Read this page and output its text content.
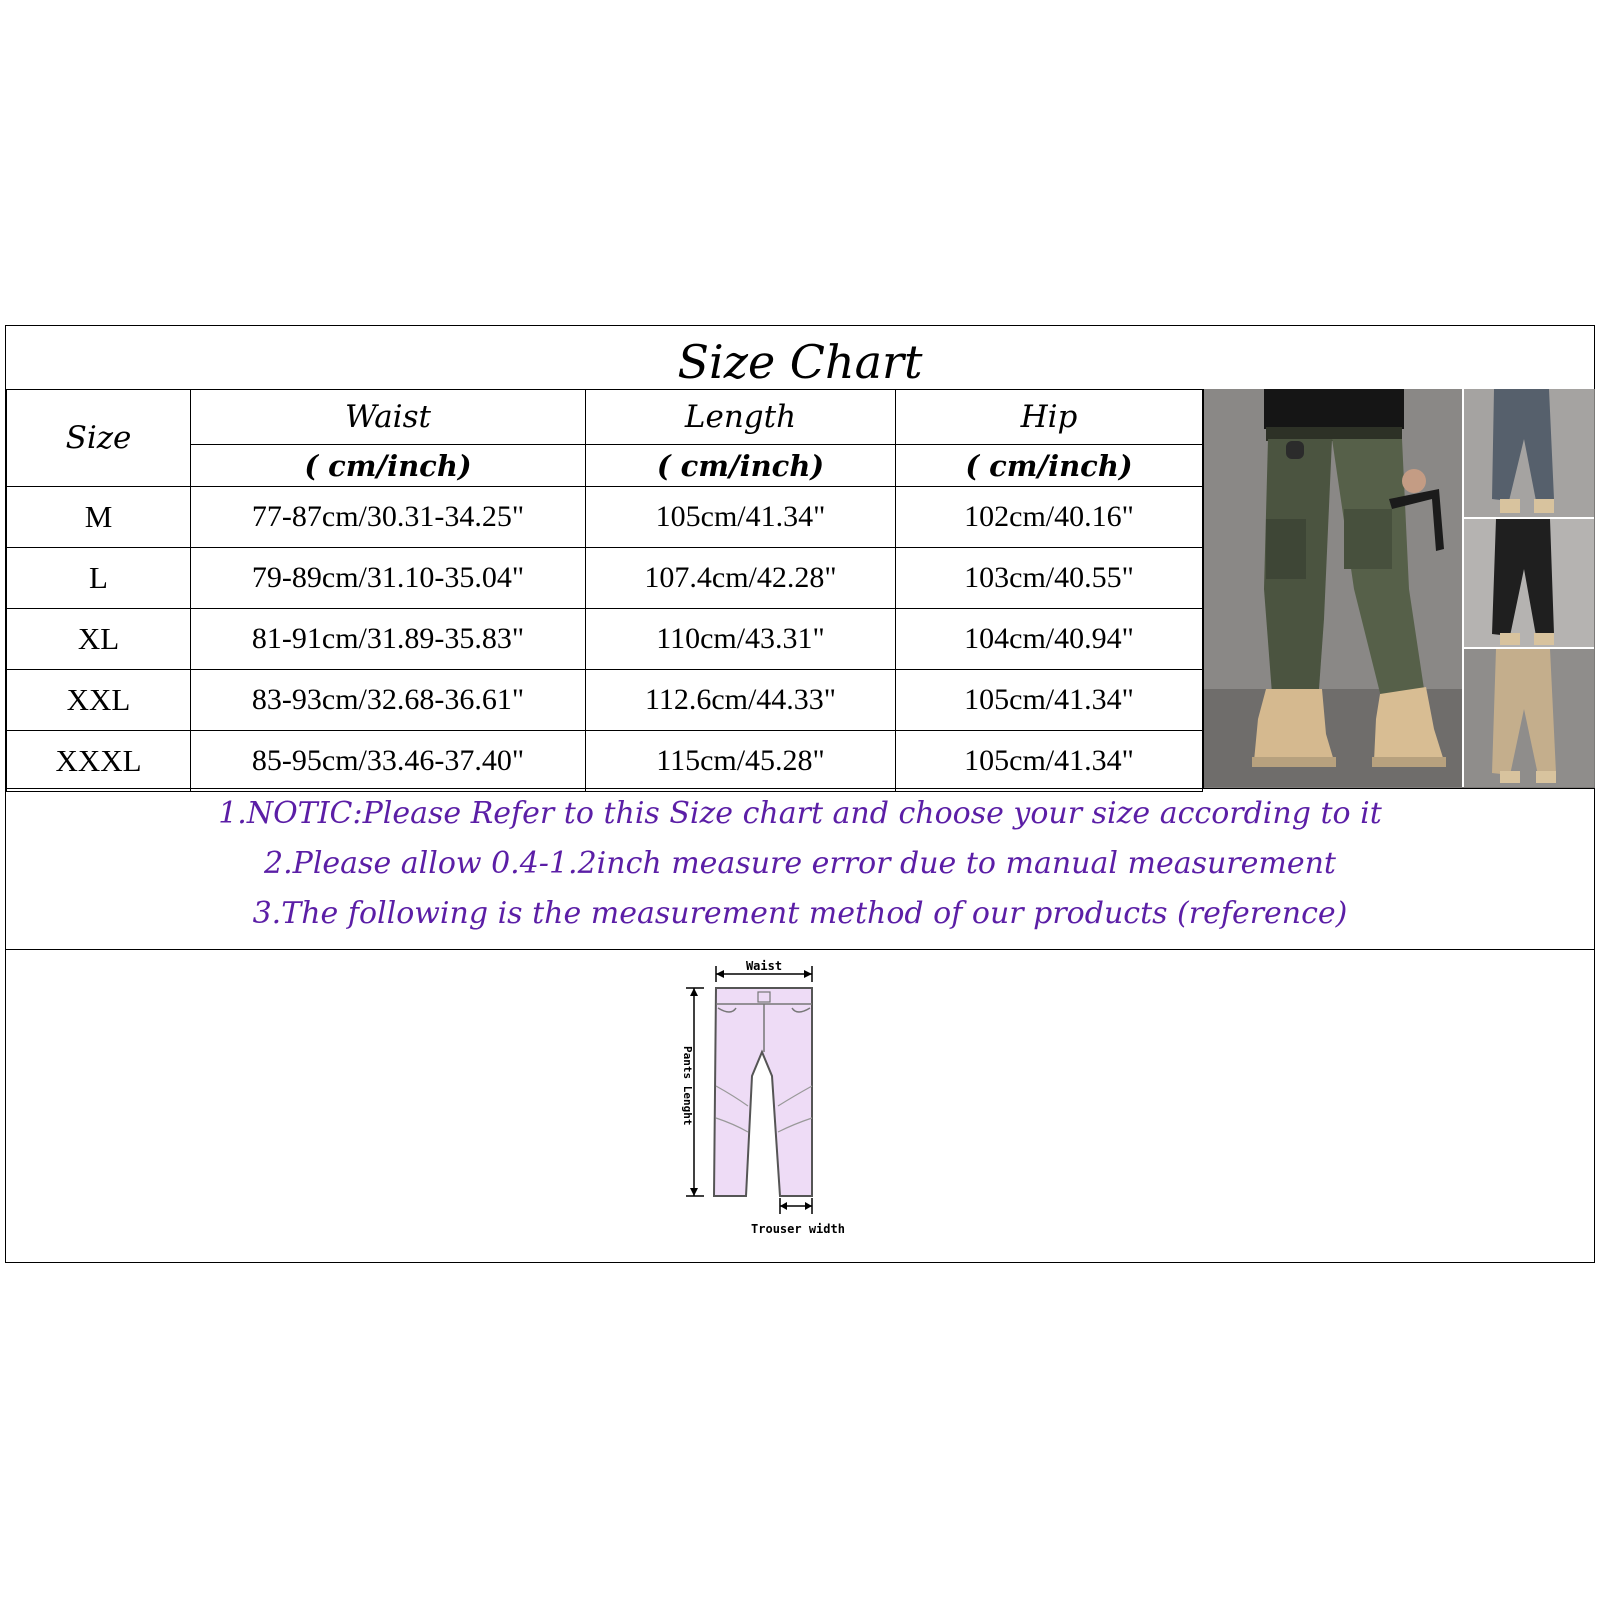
Size Chart
Size	Waist	Length	Hip
	( cm/inch)	( cm/inch)	( cm/inch)
M	77-87cm/30.31-34.25"	105cm/41.34"	102cm/40.16"
L	79-89cm/31.10-35.04"	107.4cm/42.28"	103cm/40.55"
XL	81-91cm/31.89-35.83"	110cm/43.31"	104cm/40.94"
XXL	83-93cm/32.68-36.61"	112.6cm/44.33"	105cm/41.34"
XXXL	85-95cm/33.46-37.40"	115cm/45.28"	105cm/41.34"
1.NOTIC:Please Refer to this Size chart and choose your size according to it
2.Please allow 0.4-1.2inch measure error due to manual measurement
3.The following is the measurement method of our products (reference)
Waist
Pants Lenght
Trouser width
